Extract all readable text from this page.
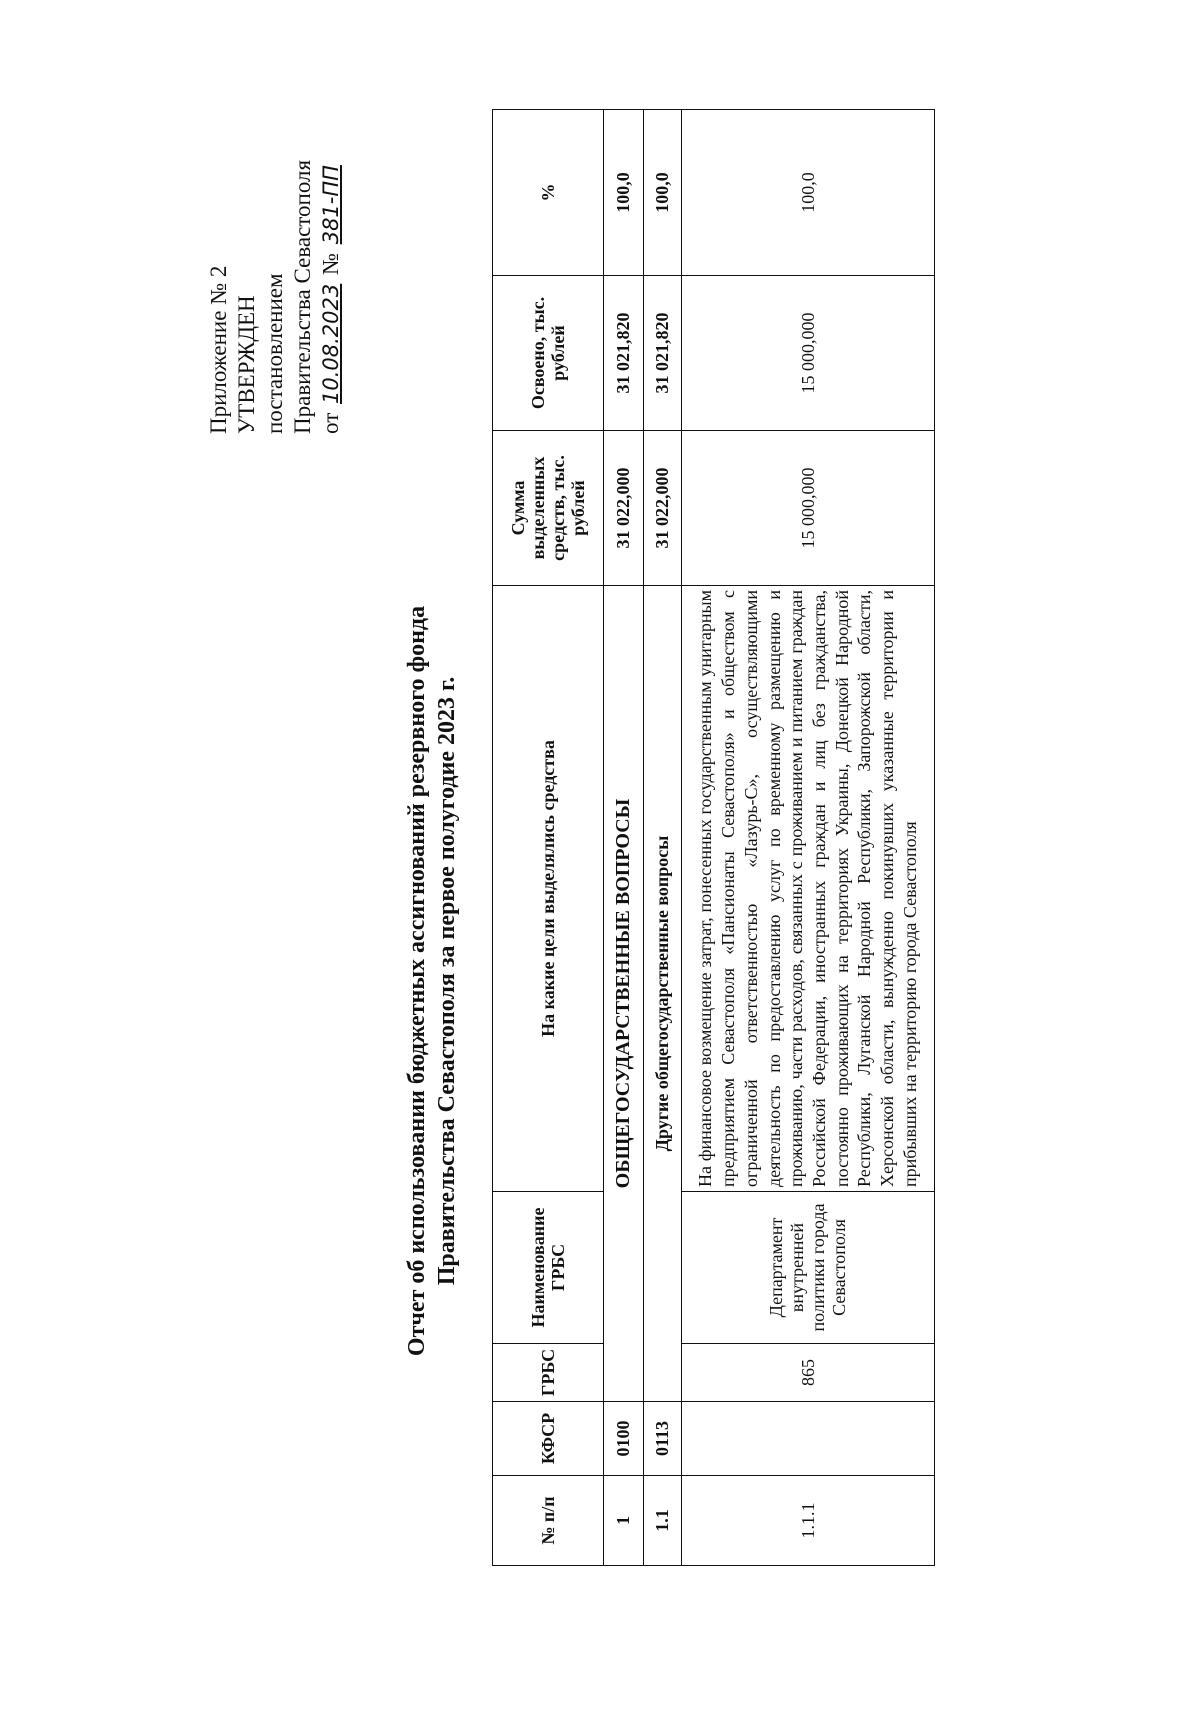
Приложение № 2 УТВЕРЖДЕН постановлением Правительства Севастополя от 10.08.2023 № 381-ПП
Отчет об использовании бюджетных ассигнований резервного фонда Правительства Севастополя за первое полугодие 2023 г.
№ п/п	КФСР	ГРБС	Наименование ГРБС	На какие цели выделялись средства	Сумма выделенных средств, тыс. рублей	Освоено, тыс. рублей	%
1	0100	ОБЩЕГОСУДАРСТВЕННЫЕ ВОПРОСЫ			31 022,000	31 021,820	100,0
1.1	0113	Другие общегосударственные вопросы			31 022,000	31 021,820	100,0
1.1.1		865	Департамент внутренней политики города Севастополя	На финансовое возмещение затрат, понесенных государственным унитарным предприятием Севастополя «Пансионаты Севастополя» и обществом с ограниченной ответственностью «Лазурь-С», осуществляющими деятельность по предоставлению услуг по временному размещению и проживанию, части расходов, связанных с проживанием и питанием граждан Российской Федерации, иностранных граждан и лиц без гражданства, постоянно проживающих на территориях Украины, Донецкой Народной Республики, Луганской Народной Республики, Запорожской области, Херсонской области, вынужденно покинувших указанные территории и прибывших на территорию города Севастополя	15 000,000	15 000,000	100,0
